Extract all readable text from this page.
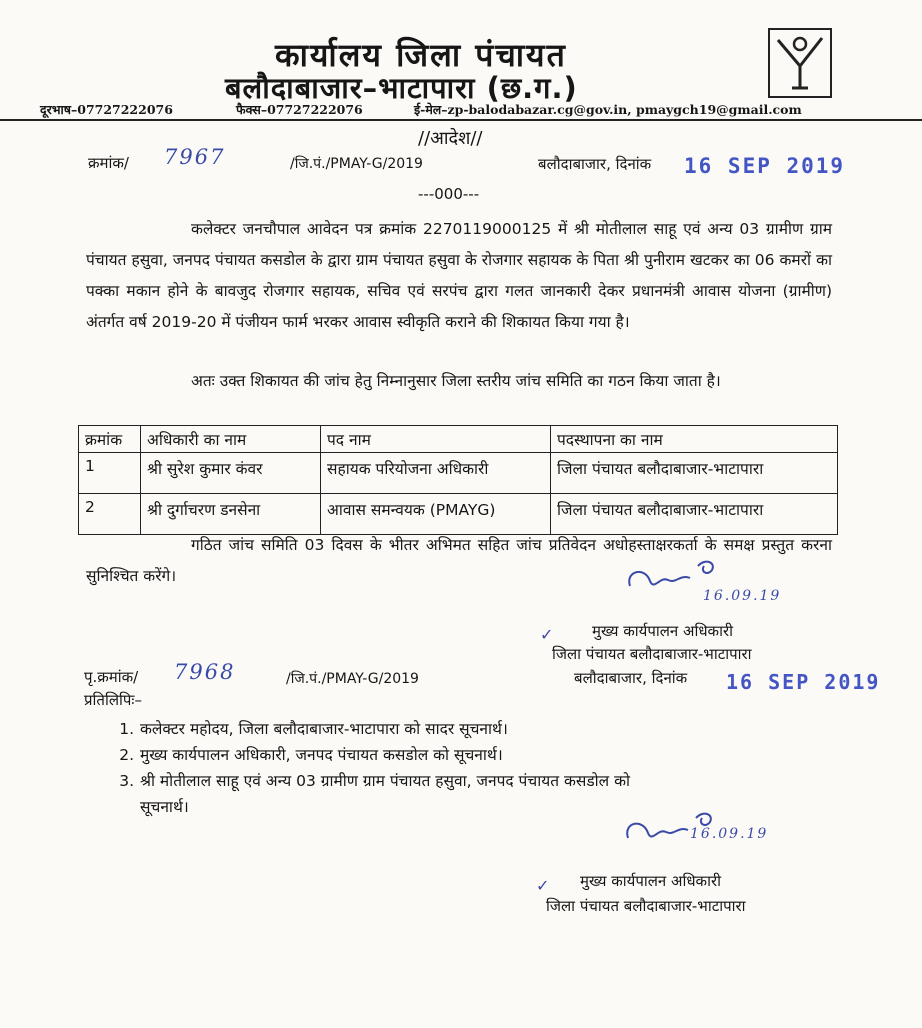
कार्यालय जिला पंचायत
बलौदाबाजार–भाटापारा (छ.ग.)
दूरभाष–07727222076	फैक्स–07727222076	ई-मेल–zp-balodabazar.cg@gov.in, pmaygch19@gmail.com
//आदेश//
क्रमांक/ 7967	/जि.पं./PMAY-G/2019	बलौदाबाजार, दिनांक 16 SEP 2019
---000---
कलेक्टर जनचौपाल आवेदन पत्र क्रमांक 2270119000125 में श्री मोतीलाल साहू एवं अन्य 03 ग्रामीण ग्राम पंचायत हसुवा, जनपद पंचायत कसडोल के द्वारा ग्राम पंचायत हसुवा के रोजगार सहायक के पिता श्री पुनीराम खटकर का 06 कमरों का पक्का मकान होने के बावजुद रोजगार सहायक, सचिव एवं सरपंच द्वारा गलत जानकारी देकर प्रधानमंत्री आवास योजना (ग्रामीण) अंतर्गत वर्ष 2019-20 में पंजीयन फार्म भरकर आवास स्वीकृति कराने की शिकायत किया गया है।
अतः उक्त शिकायत की जांच हेतु निम्नानुसार जिला स्तरीय जांच समिति का गठन किया जाता है।
क्रमांक	अधिकारी का नाम	पद नाम	पदस्थापना का नाम
1	श्री सुरेश कुमार कंवर	सहायक परियोजना अधिकारी	जिला पंचायत बलौदाबाजार-भाटापारा
2	श्री दुर्गाचरण डनसेना	आवास समन्वयक (PMAYG)	जिला पंचायत बलौदाबाजार-भाटापारा
गठित जांच समिति 03 दिवस के भीतर अभिमत सहित जांच प्रतिवेदन अधोहस्ताक्षरकर्ता के समक्ष प्रस्तुत करना सुनिश्चित करेंगे।
16.09.19
मुख्य कार्यपालन अधिकारी
✓
जिला पंचायत बलौदाबाजार-भाटापारा
पृ.क्रमांक/ 7968	/जि.पं./PMAY-G/2019	बलौदाबाजार, दिनांक 16 SEP 2019
प्रतिलिपिः–
1. कलेक्टर महोदय, जिला बलौदाबाजार-भाटापारा को सादर सूचनार्थ।
2. मुख्य कार्यपालन अधिकारी, जनपद पंचायत कसडोल को सूचनार्थ।
3. श्री मोतीलाल साहू एवं अन्य 03 ग्रामीण ग्राम पंचायत हसुवा, जनपद पंचायत कसडोल को
सूचनार्थ।
16.09.19
मुख्य कार्यपालन अधिकारी
✓
जिला पंचायत बलौदाबाजार-भाटापारा
